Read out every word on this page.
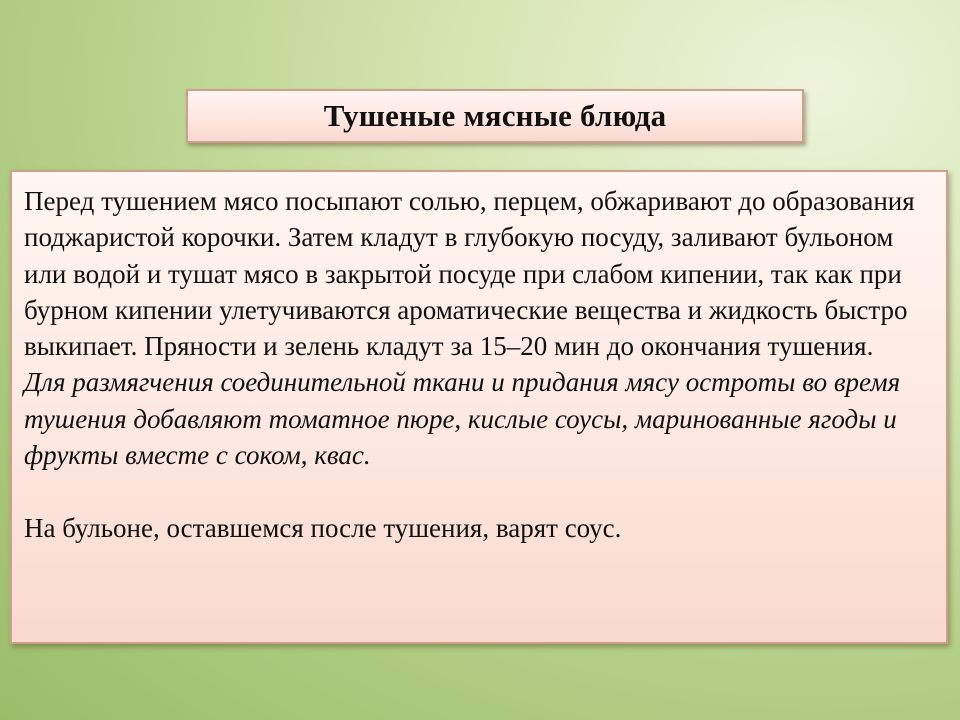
Тушеные мясные блюда

Перед тушением мясо посыпают солью, перцем, обжаривают до образования поджаристой корочки. Затем кладут в глубокую посуду, заливают бульоном или водой и тушат мясо в закрытой посуде при слабом кипении, так как при бурном кипении улетучиваются ароматические вещества и жидкость быстро выкипает. Пряности и зелень кладут за 15–20 мин до окончания тушения.

Для размягчения соединительной ткани и придания мясу остроты во время тушения добавляют томатное пюре, кислые соусы, маринованные ягоды и фрукты вместе с соком, квас.

На бульоне, оставшемся после тушения, варят соус.
